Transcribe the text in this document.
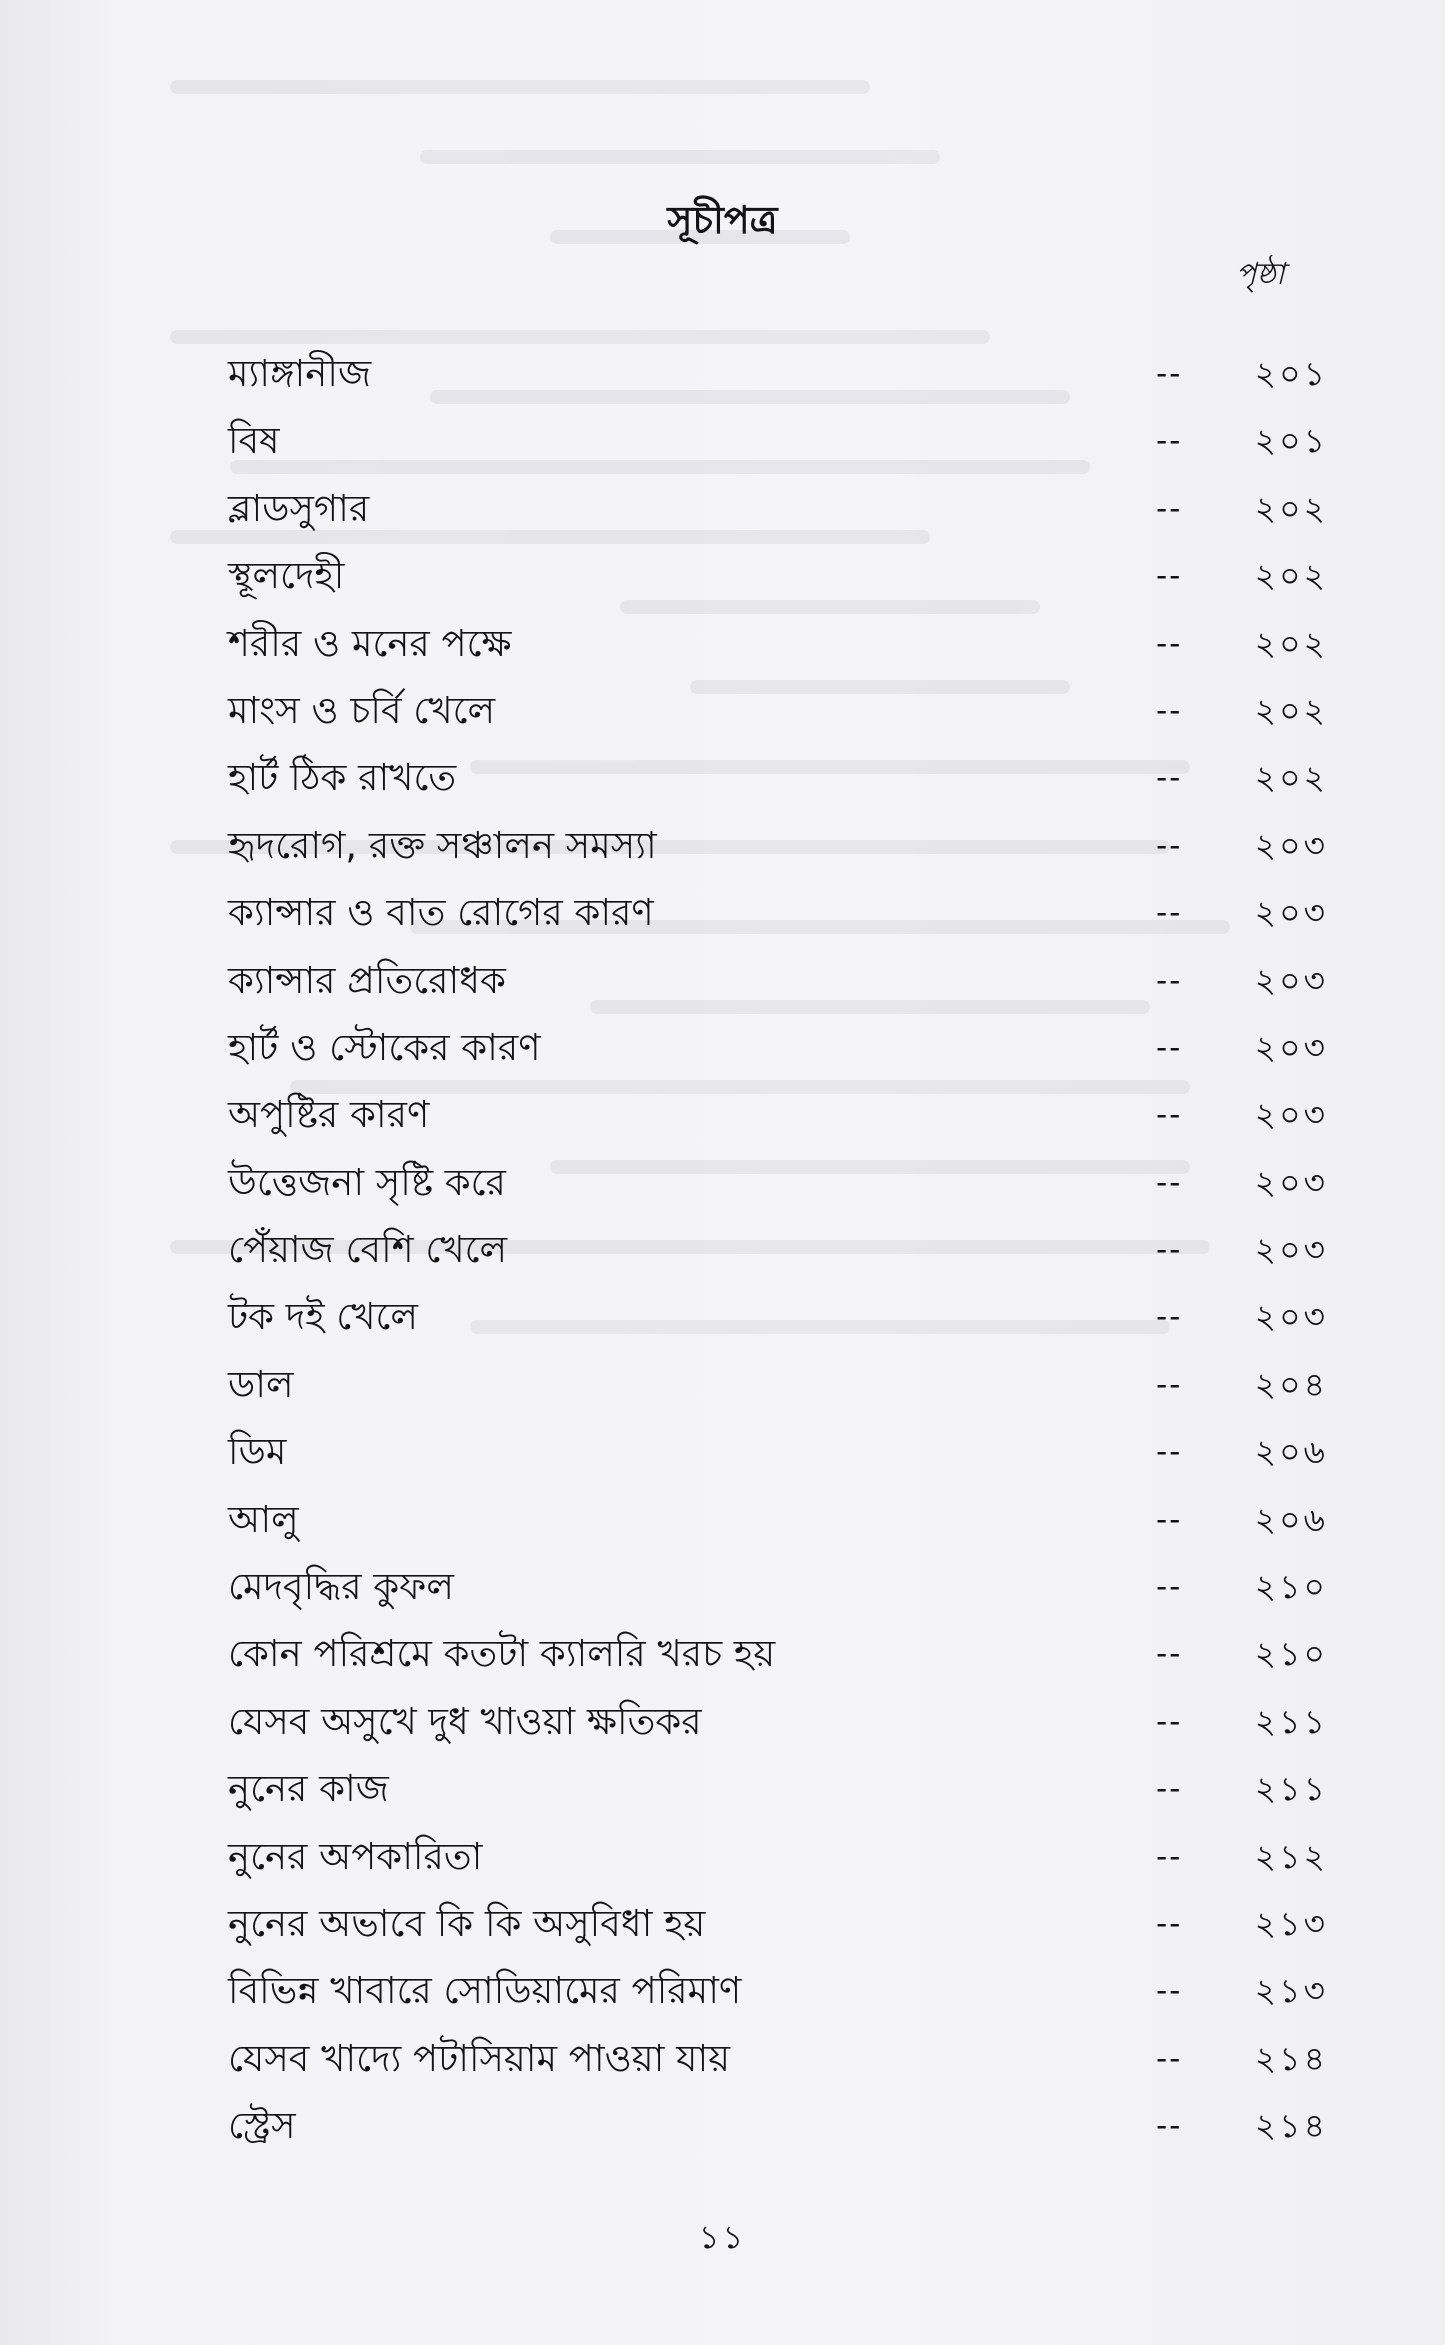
সূচীপত্র
পৃষ্ঠা
ম্যাঙ্গানীজ	--	২০১
বিষ	--	২০১
ব্লাডসুগার	--	২০২
স্থূলদেহী	--	২০২
শরীর ও মনের পক্ষে	--	২০২
মাংস ও চর্বি খেলে	--	২০২
হার্ট ঠিক রাখতে	--	২০২
হৃদরোগ, রক্ত সঞ্চালন সমস্যা	--	২০৩
ক্যান্সার ও বাত রোগের কারণ	--	২০৩
ক্যান্সার প্রতিরোধক	--	২০৩
হার্ট ও স্টোকের কারণ	--	২০৩
অপুষ্টির কারণ	--	২০৩
উত্তেজনা সৃষ্টি করে	--	২০৩
পেঁয়াজ বেশি খেলে	--	২০৩
টক দই খেলে	--	২০৩
ডাল	--	২০৪
ডিম	--	২০৬
আলু	--	২০৬
মেদবৃদ্ধির কুফল	--	২১০
কোন পরিশ্রমে কতটা ক্যালরি খরচ হয়	--	২১০
যেসব অসুখে দুধ খাওয়া ক্ষতিকর	--	২১১
নুনের কাজ	--	২১১
নুনের অপকারিতা	--	২১২
নুনের অভাবে কি কি অসুবিধা হয়	--	২১৩
বিভিন্ন খাবারে সোডিয়ামের পরিমাণ	--	২১৩
যেসব খাদ্যে পটাসিয়াম পাওয়া যায়	--	২১৪
স্ট্রেস	--	২১৪
১১
